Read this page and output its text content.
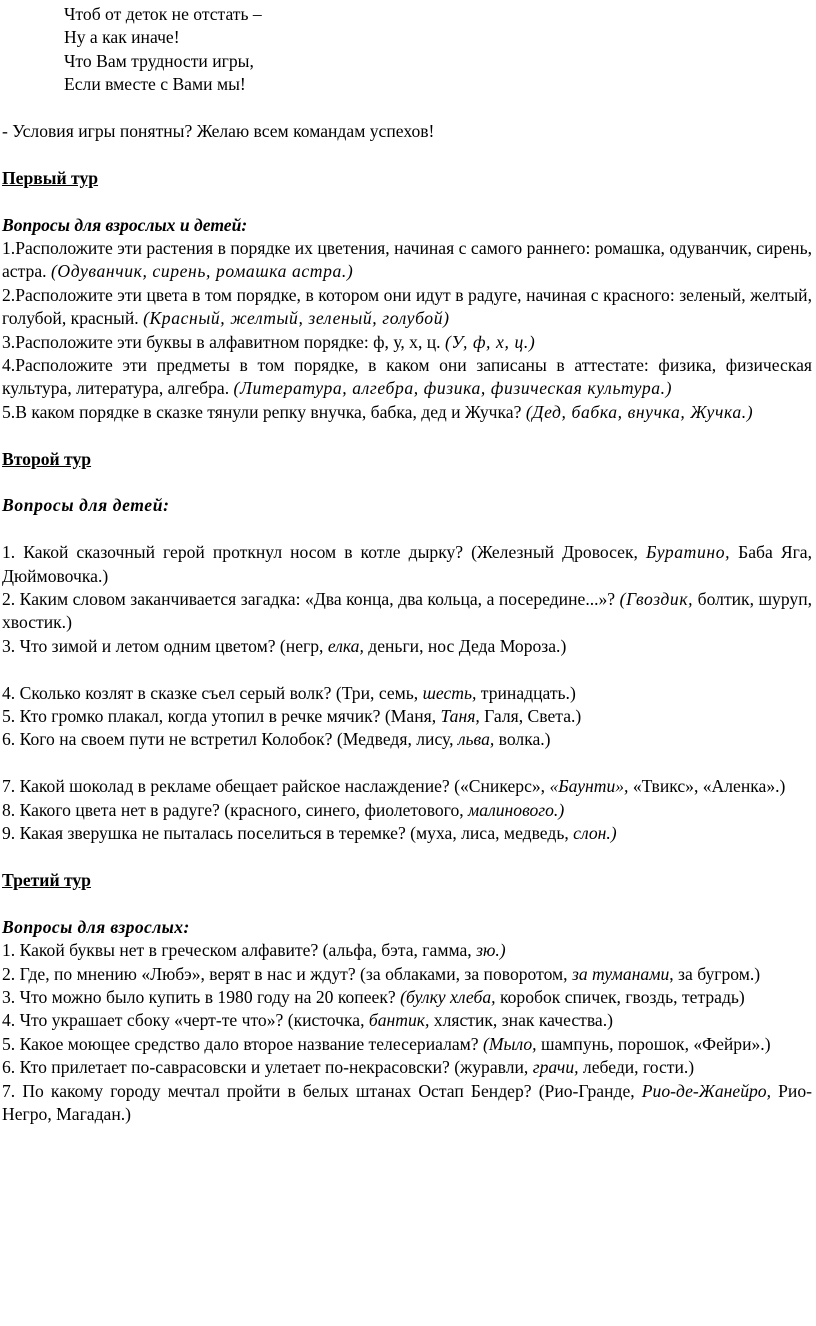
Чтоб от деток не отстать –
Ну а как иначе!
Что Вам трудности игры,
Если вместе с Вами мы!

- Условия игры понятны? Желаю всем командам успехов!

Первый тур

Вопросы для взрослых и детей:

1.Расположите эти растения в порядке их цветения, начиная с самого раннего: ромашка, одуванчик, сирень, астра. (Одуванчик, сирень, ромашка астра.)

2.Расположите эти цвета в том порядке, в котором они идут в радуге, начиная с красного: зеленый, желтый, голубой, красный. (Красный, желтый, зеленый, голубой)

3.Расположите эти буквы в алфавитном порядке: ф, у, х, ц. (У, ф, х, ц.)

4.Расположите эти предметы в том порядке, в каком они записаны в аттестате: физика, физическая культура, литература, алгебра. (Литература, алгебра, физика, физическая культура.)

5.В каком порядке в сказке тянули репку внучка, бабка, дед и Жучка? (Дед, бабка, внучка, Жучка.)

Второй тур

Вопросы для детей:

1. Какой сказочный герой проткнул носом в котле дырку? (Железный Дровосек, Буратино, Баба Яга, Дюймовочка.)

2. Каким словом заканчивается загадка: «Два конца, два кольца, а посередине...»? (Гвоздик, болтик, шуруп, хвостик.)

3. Что зимой и летом одним цветом? (негр, елка, деньги, нос Деда Мороза.)

4. Сколько козлят в сказке съел серый волк? (Три, семь, шесть, тринадцать.)

5. Кто громко плакал, когда утопил в речке мячик? (Маня, Таня, Галя, Света.)

6. Кого на своем пути не встретил Колобок? (Медведя, лису, льва, волка.)

7. Какой шоколад в рекламе обещает райское наслаждение? («Сникерс», «Баунти», «Твикс», «Аленка».)

8. Какого цвета нет в радуге? (красного, синего, фиолетового, малинового.)

9. Какая зверушка не пыталась поселиться в теремке? (муха, лиса, медведь, слон.)

Третий тур

Вопросы для взрослых:

1. Какой буквы нет в греческом алфавите? (альфа, бэта, гамма, зю.)

2. Где, по мнению «Любэ», верят в нас и ждут? (за облаками, за поворотом, за туманами, за бугром.)

3. Что можно было купить в 1980 году на 20 копеек? (булку хлеба, коробок спичек, гвоздь, тетрадь)

4. Что украшает сбоку «черт-те что»? (кисточка, бантик, хлястик, знак качества.)

5. Какое моющее средство дало второе название телесериалам? (Мыло, шампунь, порошок, «Фейри».)

6. Кто прилетает по-саврасовски и улетает по-некрасовски? (журавли, грачи, лебеди, гости.)

7. По какому городу мечтал пройти в белых штанах Остап Бендер? (Рио-Гранде, Рио-де-Жанейро, Рио-Негро, Магадан.)
